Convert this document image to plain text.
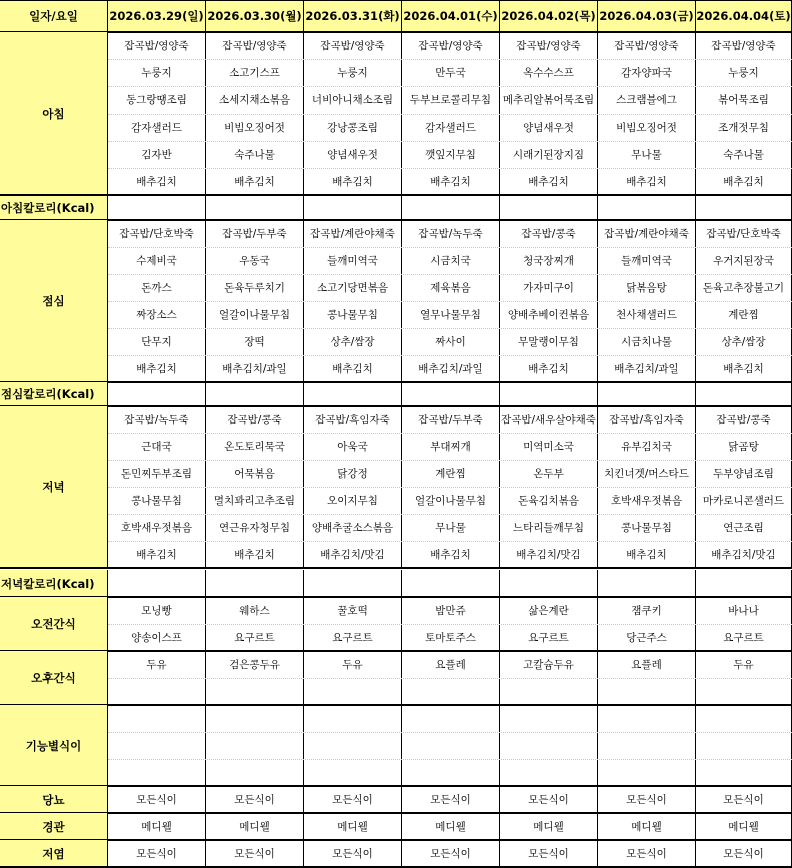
일자/요일	2026.03.29(일) 2026.03.30(월) 2026.03.31(화) 2026.04.01(수) 2026.04.02(목) 2026.04.03(금) 2026.04.04(토)
아침
잡곡밥/영양죽	잡곡밥/영양죽	잡곡밥/영양죽	잡곡밥/영양죽	잡곡밥/영양죽	잡곡밥/영양죽	잡곡밥/영양죽
누룽지	소고기스프	누룽지	만두국	옥수수스프	감자양파국	누룽지
동그랑땡조림	소세지채소볶음	너비아니채소조림	두부브로콜리무침	메추리알볶어묵조림	스크램블에그	볶어묵조림
감자샐러드	비빔오징어젓	강낭콩조림	감자샐러드	양념새우젓	비빔오징어젓	조개젓무침
김자반	숙주나물	양념새우젓	깻잎지무침	시래기된장지짐	무나물	숙주나물
배추김치	배추김치	배추김치	배추김치	배추김치	배추김치	배추김치
아침칼로리(Kcal)
점심
잡곡밥/단호박죽	잡곡밥/두부죽	잡곡밥/계란야채죽	잡곡밥/녹두죽	잡곡밥/콩죽	잡곡밥/계란야채죽	잡곡밥/단호박죽
수제비국	우동국	들깨미역국	시금치국	청국장찌개	들깨미역국	우거지된장국
돈까스	돈육두루치기	소고기당면볶음	제육볶음	가자미구이	닭볶음탕	돈육고추장불고기
짜장소스	얼갈이나물무침	콩나물무침	열무나물무침	양배추베이컨볶음	천사채샐러드	계란찜
단무지	장떡	상추/쌈장	짜사이	무말랭이무침	시금치나물	상추/쌈장
배추김치	배추김치/과일	배추김치	배추김치/과일	배추김치	배추김치/과일	배추김치
점심칼로리(Kcal)
저녁
잡곡밥/녹두죽	잡곡밥/콩죽	잡곡밥/흑임자죽	잡곡밥/두부죽	잡곡밥/새우살야채죽	잡곡밥/흑임자죽	잡곡밥/콩죽
근대국	온도토리묵국	아욱국	부대찌개	미역미소국	유부김치국	닭곰탕
돈민찌두부조림	어묵볶음	닭강정	계란찜	온두부	치킨너겟/머스타드	두부양념조림
콩나물무침	멸치꽈리고추조림	오이지무침	얼갈이나물무침	돈육김치볶음	호박새우젓볶음	마카로니콘샐러드
호박새우젓볶음	연근유자청무침	양배추굴소스볶음	무나물	느타리들깨무침	콩나물무침	연근조림
배추김치	배추김치	배추김치/맛김	배추김치	배추김치/맛김	배추김치	배추김치/맛김
저녁칼로리(Kcal)
오전간식
모닝빵	웨하스	꿀호떡	밤만쥬	삶은계란	잼쿠키	바나나
양송이스프	요구르트	요구르트	토마토주스	요구르트	당근주스	요구르트
오후간식
두유	검은콩두유	두유	요플레	고칼슘두유	요플레	두유
기능별식이
당뇨	모든식이	모든식이	모든식이	모든식이	모든식이	모든식이	모든식이
경관	메디웰	메디웰	메디웰	메디웰	메디웰	메디웰	메디웰
저염	모든식이	모든식이	모든식이	모든식이	모든식이	모든식이	모든식이
